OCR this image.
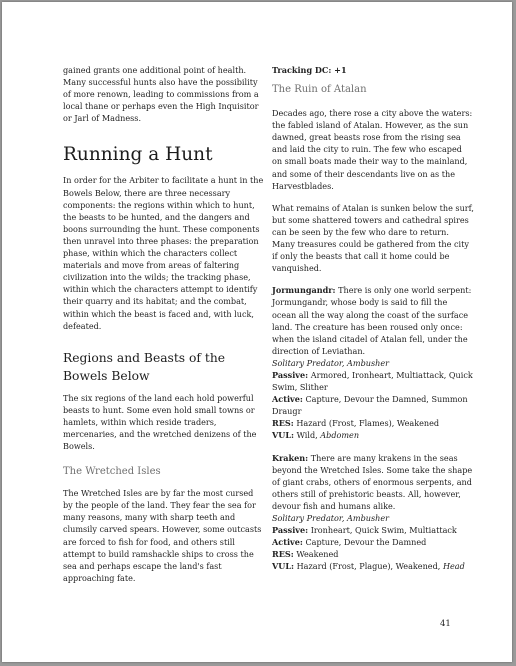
gained grants one additional point of health. Many successful hunts also have the possibility of more renown, leading to commissions from a local thane or perhaps even the High Inquisitor or Jarl of Madness.

Running a Hunt

In order for the Arbiter to facilitate a hunt in the Bowels Below, there are three necessary components: the regions within which to hunt, the beasts to be hunted, and the dangers and boons surrounding the hunt. These components then unravel into three phases: the preparation phase, within which the characters collect materials and move from areas of faltering civilization into the wilds; the tracking phase, within which the characters attempt to identify their quarry and its habitat; and the combat, within which the beast is faced and, with luck, defeated.

Regions and Beasts of the Bowels Below

The six regions of the land each hold powerful beasts to hunt. Some even hold small towns or hamlets, within which reside traders, mercenaries, and the wretched denizens of the Bowels.

The Wretched Isles

The Wretched Isles are by far the most cursed by the people of the land. They fear the sea for many reasons, many with sharp teeth and clumsily carved spears. However, some outcasts are forced to fish for food, and others still attempt to build ramshackle ships to cross the sea and perhaps escape the land's fast approaching fate.

Tracking DC: +1

The Ruin of Atalan

Decades ago, there rose a city above the waters: the fabled island of Atalan. However, as the sun dawned, great beasts rose from the rising sea and laid the city to ruin. The few who escaped on small boats made their way to the mainland, and some of their descendants live on as the Harvestblades.

What remains of Atalan is sunken below the surf, but some shattered towers and cathedral spires can be seen by the few who dare to return. Many treasures could be gathered from the city if only the beasts that call it home could be vanquished.

Jormungandr: There is only one world serpent: Jormungandr, whose body is said to fill the ocean all the way along the coast of the surface land. The creature has been roused only once: when the island citadel of Atalan fell, under the direction of Leviathan.

Solitary Predator, Ambusher

Passive: Armored, Ironheart, Multiattack, Quick Swim, Slither

Active: Capture, Devour the Damned, Summon Draugr

RES: Hazard (Frost, Flames), Weakened

VUL: Wild, Abdomen

Kraken: There are many krakens in the seas beyond the Wretched Isles. Some take the shape of giant crabs, others of enormous serpents, and others still of prehistoric beasts. All, however, devour fish and humans alike.

Solitary Predator, Ambusher

Passive: Ironheart, Quick Swim, Multiattack

Active: Capture, Devour the Damned

RES: Weakened

VUL: Hazard (Frost, Plague), Weakened, Head

41
